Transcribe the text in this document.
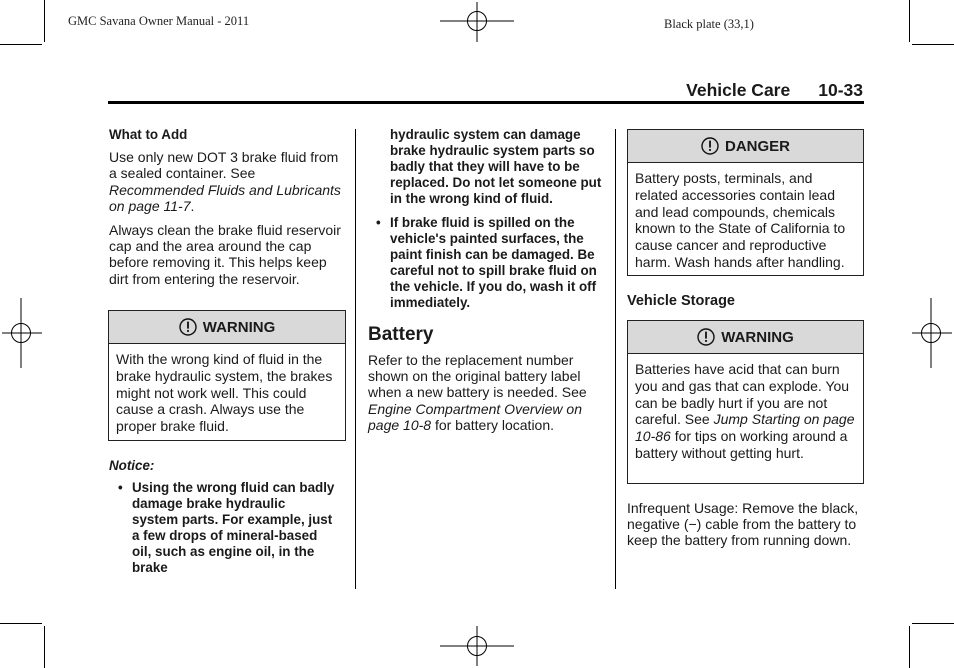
GMC Savana Owner Manual - 2011	Black plate (33,1)
Vehicle Care 10-33
What to Add

Use only new DOT 3 brake fluid from a sealed container. See Recommended Fluids and Lubricants on page 11-7.

Always clean the brake fluid reservoir cap and the area around the cap before removing it. This helps keep dirt from entering the reservoir.

WARNING
With the wrong kind of fluid in the brake hydraulic system, the brakes might not work well. This could cause a crash. Always use the proper brake fluid.
Notice:
• Using the wrong fluid can badly damage brake hydraulic system parts. For example, just a few drops of mineral-based oil, such as engine oil, in the brake
hydraulic system can damage brake hydraulic system parts so badly that they will have to be replaced. Do not let someone put in the wrong kind of fluid.
• If brake fluid is spilled on the vehicle's painted surfaces, the paint finish can be damaged. Be careful not to spill brake fluid on the vehicle. If you do, wash it off immediately.
Battery

Refer to the replacement number shown on the original battery label when a new battery is needed. See Engine Compartment Overview on page 10-8 for battery location.

DANGER
Battery posts, terminals, and related accessories contain lead and lead compounds, chemicals known to the State of California to cause cancer and reproductive harm. Wash hands after handling.
Vehicle Storage
WARNING
Batteries have acid that can burn you and gas that can explode. You can be badly hurt if you are not careful. See Jump Starting on page 10-86 for tips on working around a battery without getting hurt.

Infrequent Usage: Remove the black, negative (−) cable from the battery to keep the battery from running down.
